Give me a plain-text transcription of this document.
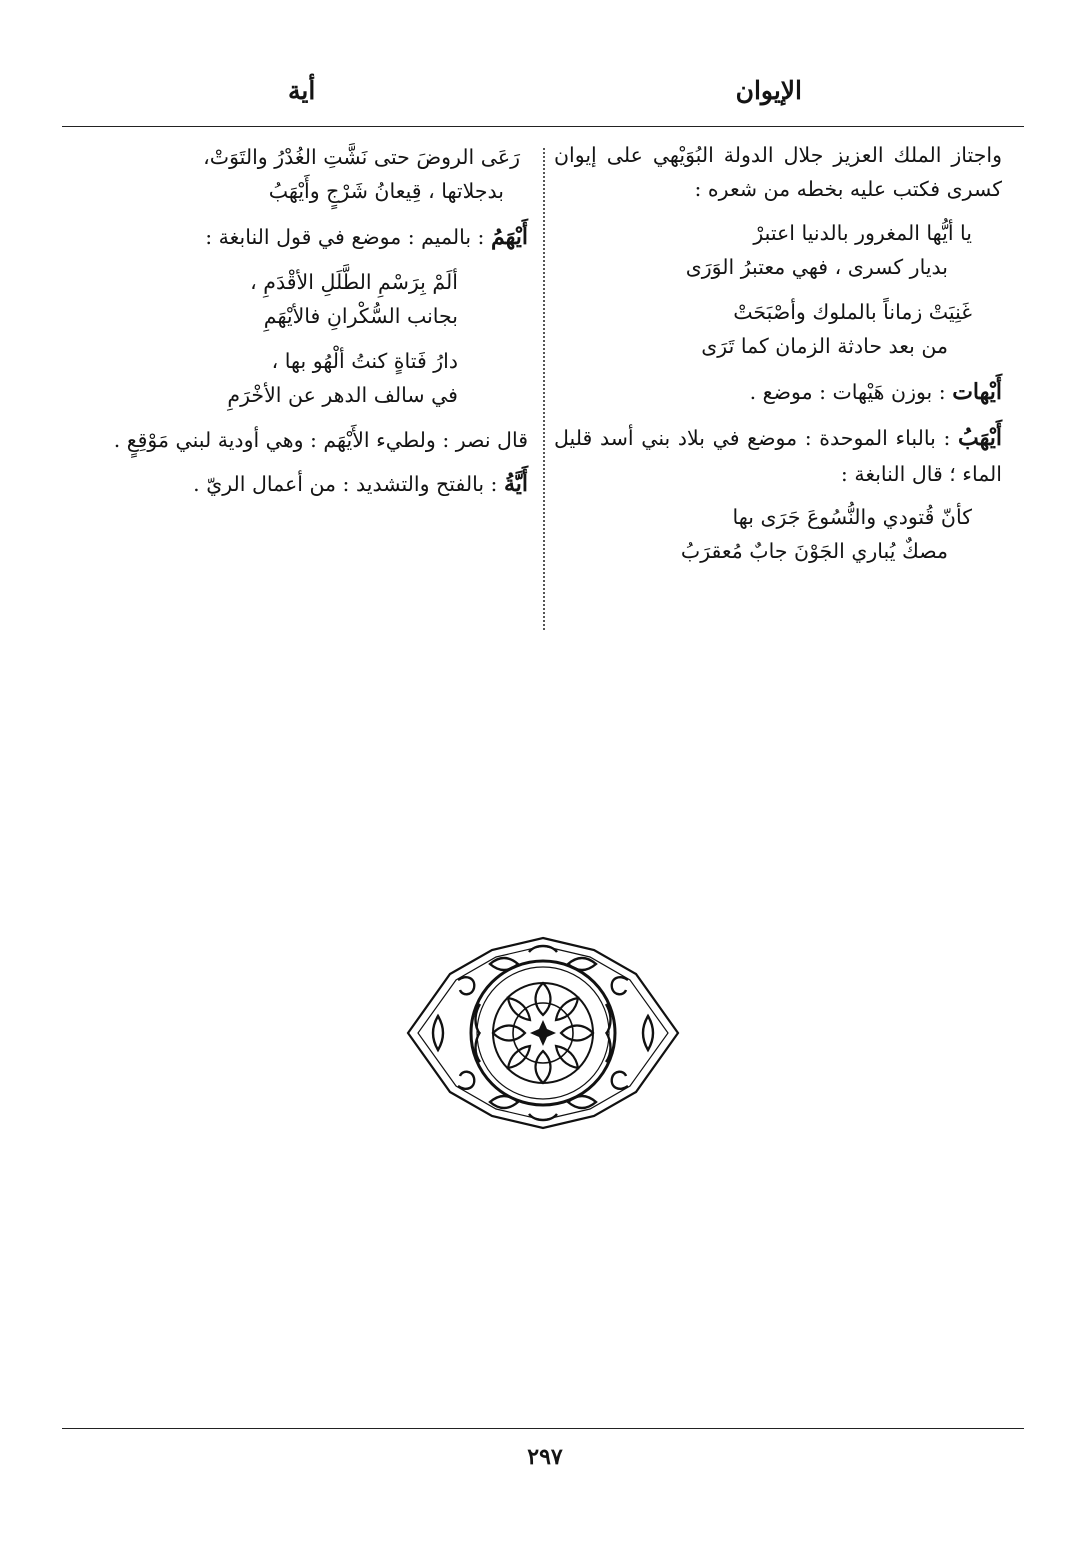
الإيوان
أية

واجتاز الملك العزيز جلال الدولة البُوَيْهي على إيوان كسرى فكتب عليه بخطه من شعره :

يا أيُّها المغرور بالدنيا اعتبرْ
بديار كسرى ، فهي معتبرُ الوَرَى
غَنِيَتْ زماناً بالملوك وأصْبَحَتْ
من بعد حادثة الزمان كما تَرَى

أَيْهات : بوزن هَيْهات : موضع .

أَيْهَبُ : بالباء الموحدة : موضع في بلاد بني أسد قليل الماء ؛ قال النابغة :

كأنّ قُتودي والنُّسُوعَ جَرَى بها
مصكٌ يُباري الجَوْنَ جابٌ مُعقرَبُ
رَعَى الروضَ حتى نَشَّتِ الغُدْرُ والتَوَتْ،
بدجلاتها ، قِيعانُ شَرْجٍ وأَيْهَبُ

أَيْهَمُ : بالميم : موضع في قول النابغة :

ألَمْ بِرَسْمِ الطَّلَلِ الأقْدَمِ ،
بجانب السُّكْرانِ فالأيْهَمِ
دارُ فَتاةٍ كنتُ ألْهُو بها ،
في سالف الدهر عن الأخْرَمِ

قال نصر : ولطيء الأَيْهَم : وهي أودية لبني مَوْقِعٍ .

أَيَّةُ : بالفتح والتشديد : من أعمال الريّ .

٢٩٧
